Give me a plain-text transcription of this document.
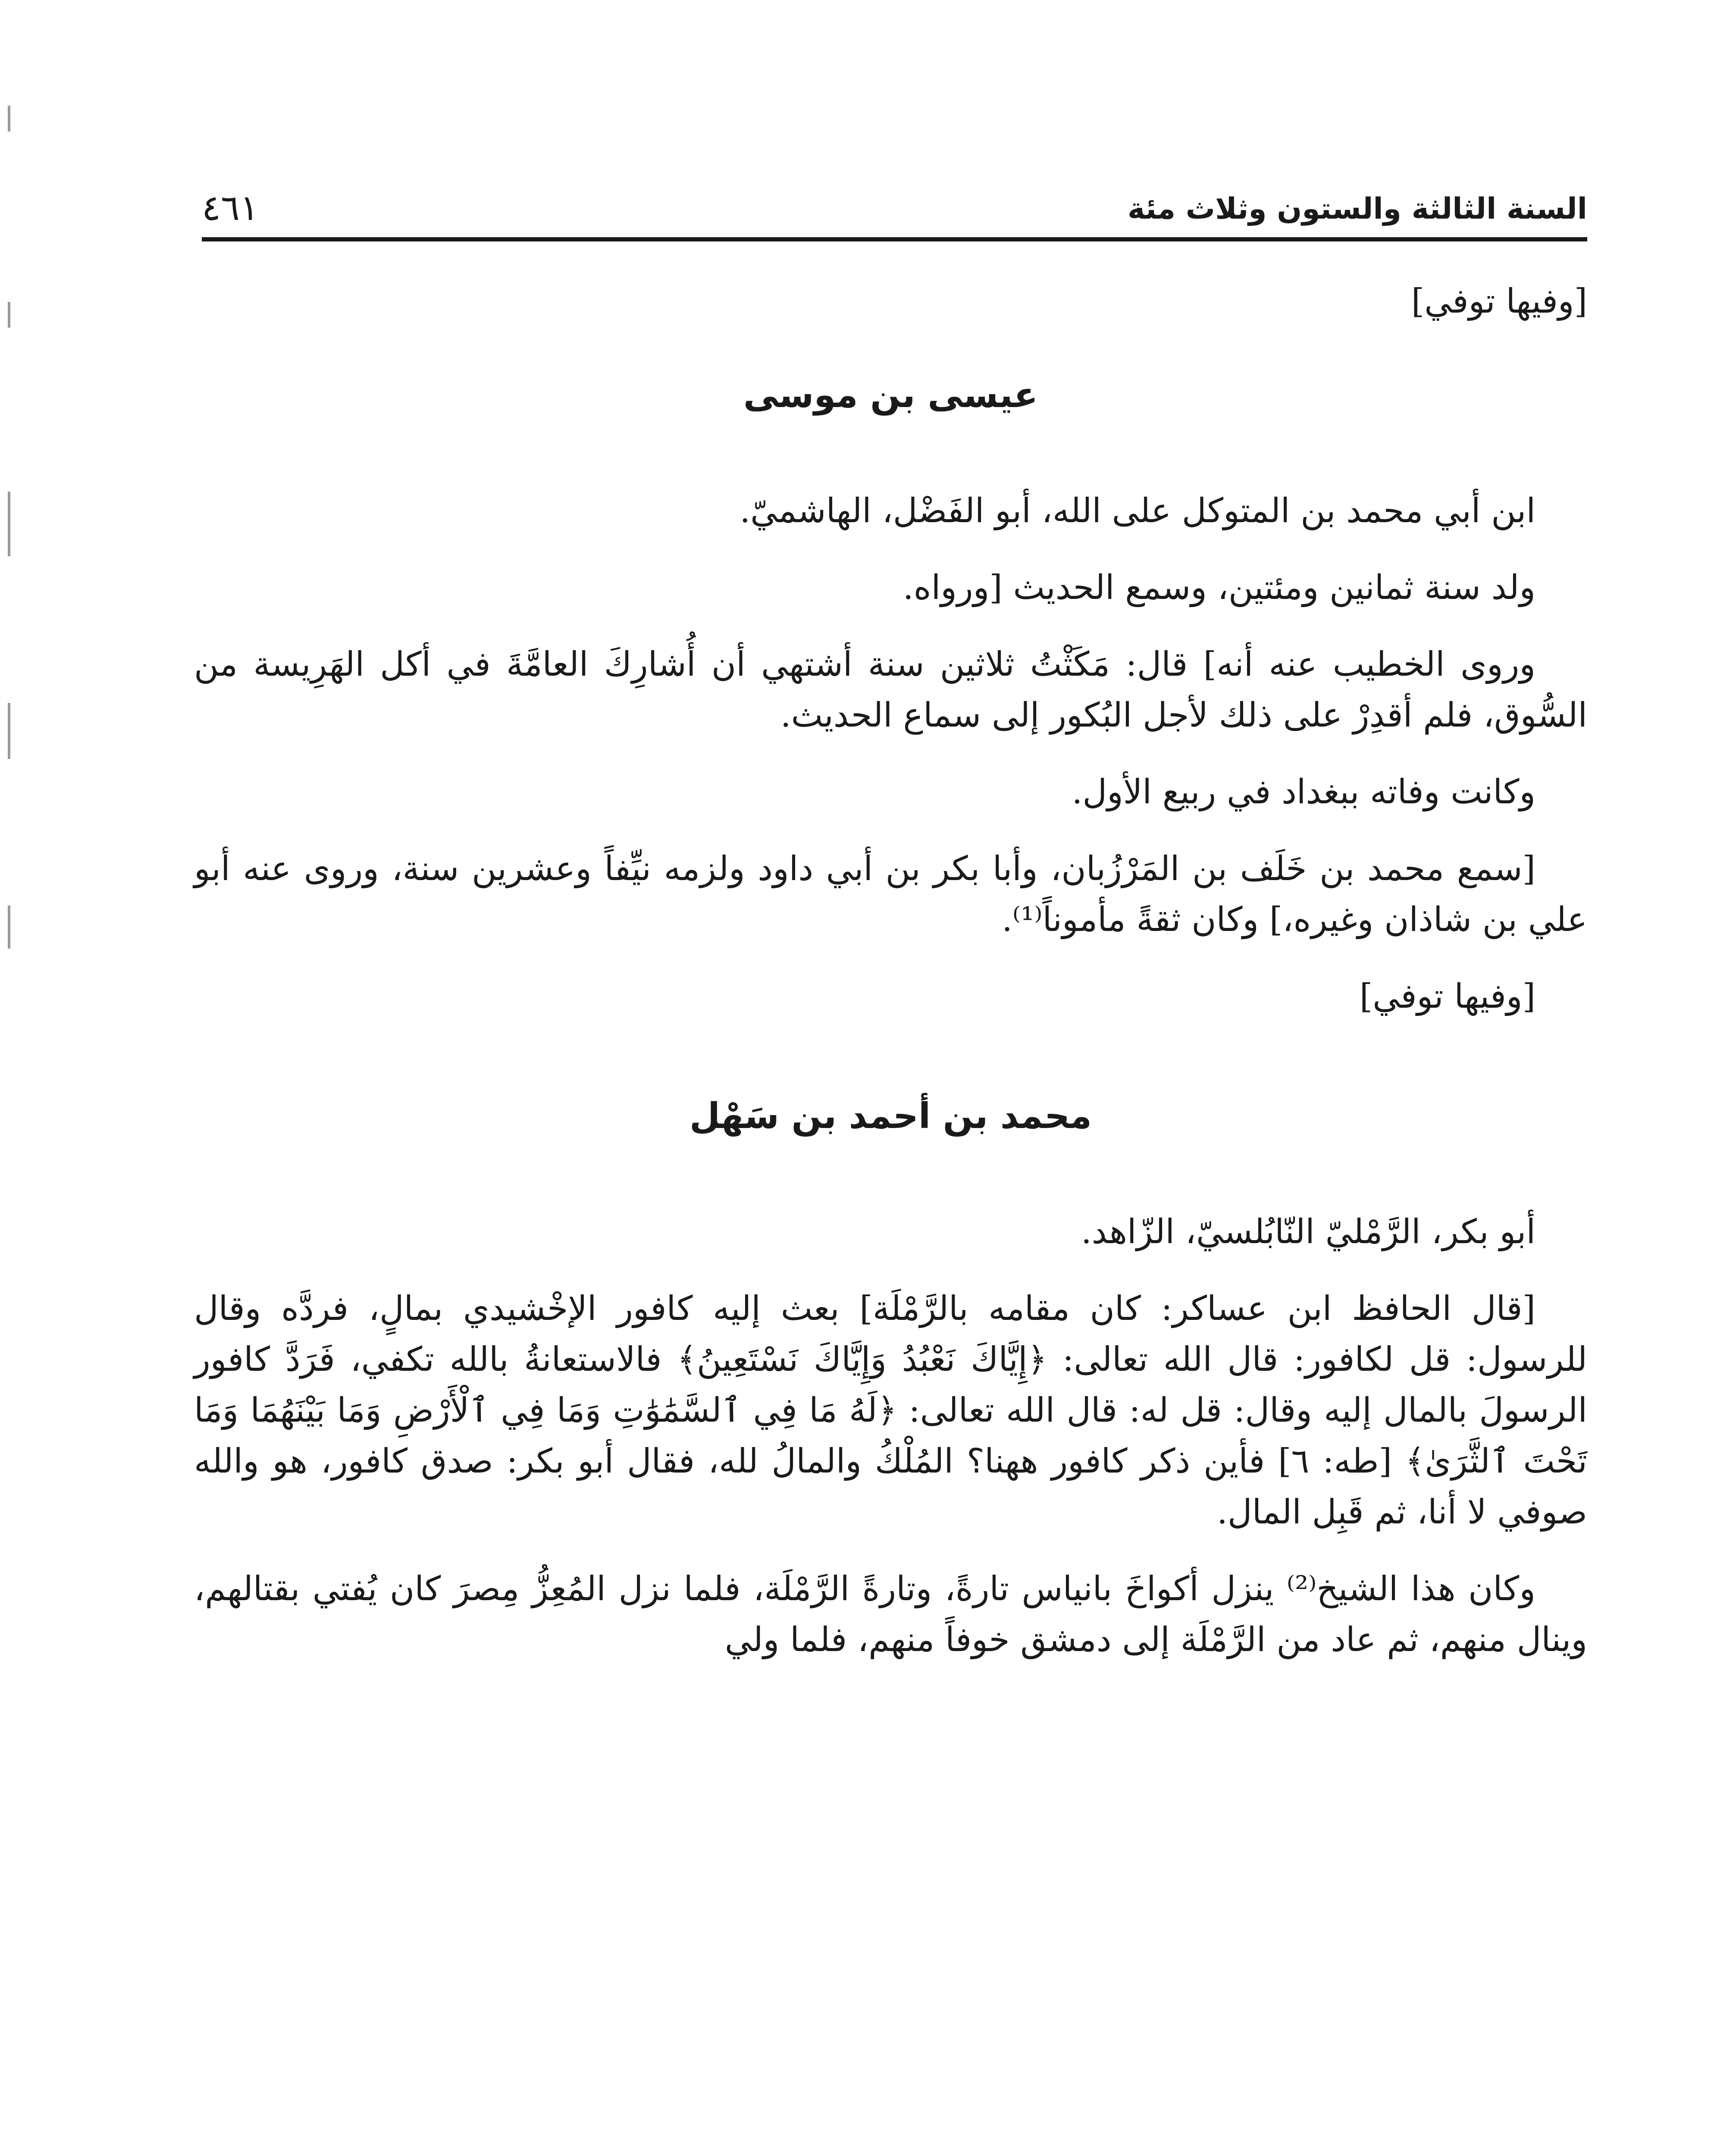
السنة الثالثة والستون وثلاث مئة
٤٦١

[وفيها توفي]

عيسى بن موسى

ابن أبي محمد بن المتوكل على الله، أبو الفَضْل، الهاشميّ.

ولد سنة ثمانين ومئتين، وسمع الحديث [ورواه.

وروى الخطيب عنه أنه] قال: مَكَثْتُ ثلاثين سنة أشتهي أن أُشارِكَ العامَّةَ في أكل الهَرِيسة من السُّوق، فلم أقدِرْ على ذلك لأجل البُكور إلى سماع الحديث.

وكانت وفاته ببغداد في ربيع الأول.

[سمع محمد بن خَلَف بن المَرْزُبان، وأبا بكر بن أبي داود ولزمه نيِّفاً وعشرين سنة، وروى عنه أبو علي بن شاذان وغيره،] وكان ثقةً مأموناً⁽¹⁾.

[وفيها توفي]

محمد بن أحمد بن سَهْل

أبو بكر، الرَّمْليّ النّابُلسيّ، الزّاهد.

[قال الحافظ ابن عساكر: كان مقامه بالرَّمْلَة] بعث إليه كافور الإخْشيدي بمالٍ، فردَّه وقال للرسول: قل لكافور: قال الله تعالى: ﴿إِيَّاكَ نَعْبُدُ وَإِيَّاكَ نَسْتَعِينُ﴾ فالاستعانةُ بالله تكفي، فَرَدَّ كافور الرسولَ بالمال إليه وقال: قل له: قال الله تعالى: ﴿لَهُ مَا فِي ٱلسَّمَٰوَٰتِ وَمَا فِي ٱلْأَرْضِ وَمَا بَيْنَهُمَا وَمَا تَحْتَ ٱلثَّرَىٰ﴾ [طه: ٦] فأين ذكر كافور ههنا؟ المُلْكُ والمالُ لله، فقال أبو بكر: صدق كافور، هو والله صوفي لا أنا، ثم قَبِل المال.

وكان هذا الشيخ⁽²⁾ ينزل أكواخَ بانياس تارةً، وتارةً الرَّمْلَة، فلما نزل المُعِزُّ مِصرَ كان يُفتي بقتالهم، وينال منهم، ثم عاد من الرَّمْلَة إلى دمشق خوفاً منهم، فلما ولي
